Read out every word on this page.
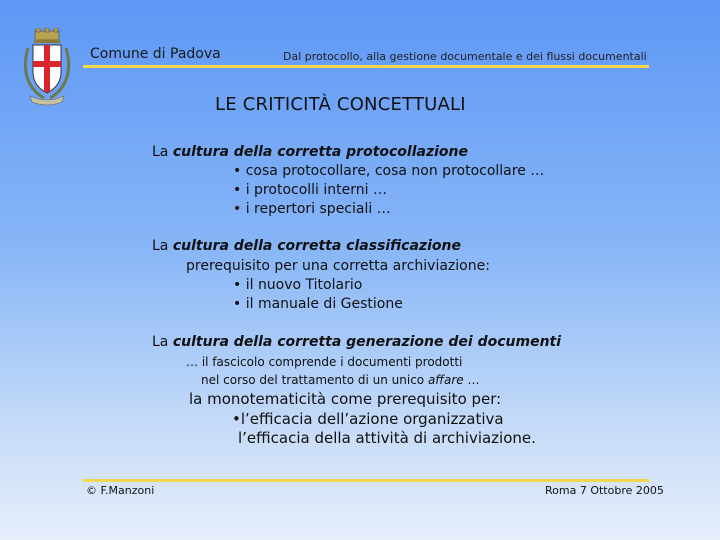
Comune di Padova	Dal protocollo, alla gestione documentale e dei flussi documentali
LE CRITICITÀ CONCETTUALI
La cultura della corretta protocollazione
• cosa protocollare, cosa non protocollare …
• i protocolli interni …
• i repertori speciali …
La cultura della corretta classificazione
prerequisito per una corretta archiviazione:
• il nuovo Titolario
• il manuale di Gestione
La cultura della corretta generazione dei documenti
… il fascicolo comprende i documenti prodotti
nel corso del trattamento di un unico affare …
la monotematicità come prerequisito per:
•l’efficacia dell’azione organizzativa
l’efficacia della attività di archiviazione.
© F.Manzoni	Roma 7 Ottobre 2005
